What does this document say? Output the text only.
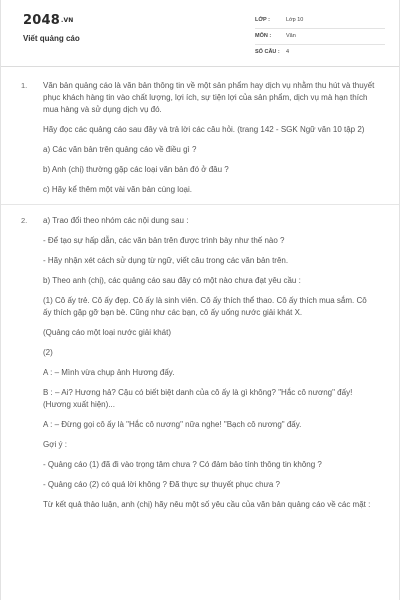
$2048^{.VN}$
Viết quảng cáo
LỚP :	Lớp 10
MÔN :	Văn
SỐ CÂU : 4
1. Văn bản quảng cáo là văn bản thông tin về một sản phẩm hay dịch vụ nhằm thu hút và thuyết phục khách hàng tin vào chất lượng, lợi ích, sự tiện lợi của sản phẩm, dịch vụ mà hạn thích mua hàng và sử dụng dịch vụ đó.

Hãy đọc các quảng cáo sau đây và trả lời các câu hỏi. (trang 142 - SGK Ngữ văn 10 tập 2)

a) Các văn bản trên quảng cáo về điều gì ?

b) Anh (chị) thường gặp các loại văn bản đó ở đâu ?

c) Hãy kể thêm một vài văn bản cùng loại.

2. a) Trao đổi theo nhóm các nội dung sau :

- Để tạo sự hấp dẫn, các văn bản trên được trình bày như thế nào ?

- Hãy nhận xét cách sử dụng từ ngữ, viết câu trong các văn bản trên.

b) Theo anh (chị), các quảng cáo sau đây có một nào chưa đạt yêu cầu :

(1) Cô ấy trẻ. Cô ấy đẹp. Cô ấy là sinh viên. Cô ấy thích thể thao. Cô ấy thích mua sắm. Cô ấy thích gặp gỡ bạn bè. Cũng như các bạn, cô ấy uống nước giải khát X.

(Quảng cáo một loại nước giải khát)

(2)

A : – Mình vừa chụp ảnh Hương đấy.

B : – Ai? Hương hả? Cậu có biết biệt danh của cô ấy là gì không? "Hắc cô nương" đấy!

(Hương xuất hiện)...

A : – Đừng gọi cô ấy là "Hắc cô nương" nữa nghe! "Bạch cô nương" đấy.

Gợi ý :

- Quảng cáo (1) đã đi vào trọng tâm chưa ? Có đảm bảo tính thông tin không ?

- Quảng cáo (2) có quá lời không ? Đã thực sự thuyết phục chưa ?

Từ kết quả thảo luận, anh (chị) hãy nêu một số yêu cầu của văn bản quảng cáo về các mặt :
